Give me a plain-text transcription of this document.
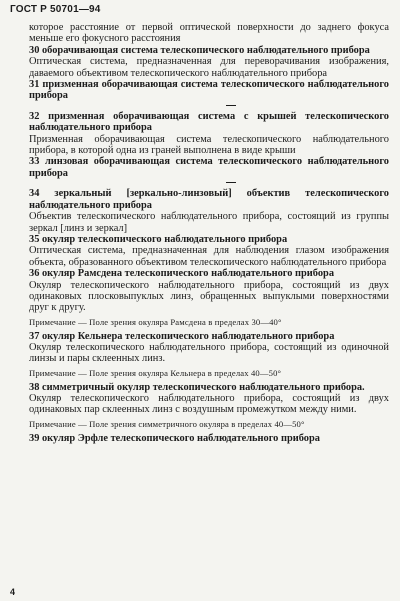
ГОСТ Р 50701—94

которое расстояние от первой оптической поверхности до заднего фокуса меньше его фокусного расстояния

30 оборачивающая система телескопического наблюдательного прибора

Оптическая система, предназначенная для переворачивания изображения, даваемого объективом телескопического наблюдательного прибора

31 призменная оборачивающая система телескопического наблюдательного прибора

32 призменная оборачивающая система с крышей телескопического наблюдательного прибора

Призменная оборачивающая система телескопического наблюдательного прибора, в которой одна из граней выполнена в виде крыши

33 линзовая оборачивающая система телескопического наблюдательного прибора

34 зеркальный [зеркально-линзовый] объектив телескопического наблюдательного прибора

Объектив телескопического наблюдательного прибора, состоящий из группы зеркал [линз и зеркал]

35 окуляр телескопического наблюдательного прибора

Оптическая система, предназначенная для наблюдения глазом изображения объекта, образованного объективом телескопического наблюдательного прибора

36 окуляр Рамсдена телескопического наблюдательного прибора

Окуляр телескопического наблюдательного прибора, состоящий из двух одинаковых плосковыпуклых линз, обращенных выпуклыми поверхностями друг к другу.

Примечание — Поле зрения окуляра Рамсдена в пределах 30—40°

37 окуляр Кельнера телескопического наблюдательного прибора

Окуляр телескопического наблюдательного прибора, состоящий из одиночной линзы и пары склеенных линз.

Примечание — Поле зрения окуляра Кельнера в пределах 40—50°

38 симметричный окуляр телескопического наблюдательного прибора.

Окуляр телескопического наблюдательного прибора, состоящий из двух одинаковых пар склеенных линз с воздушным промежутком между ними.

Примечание — Поле зрения симметричного окуляра в пределах 40—50°

39 окуляр Эрфле телескопического наблюдательного прибора

4
